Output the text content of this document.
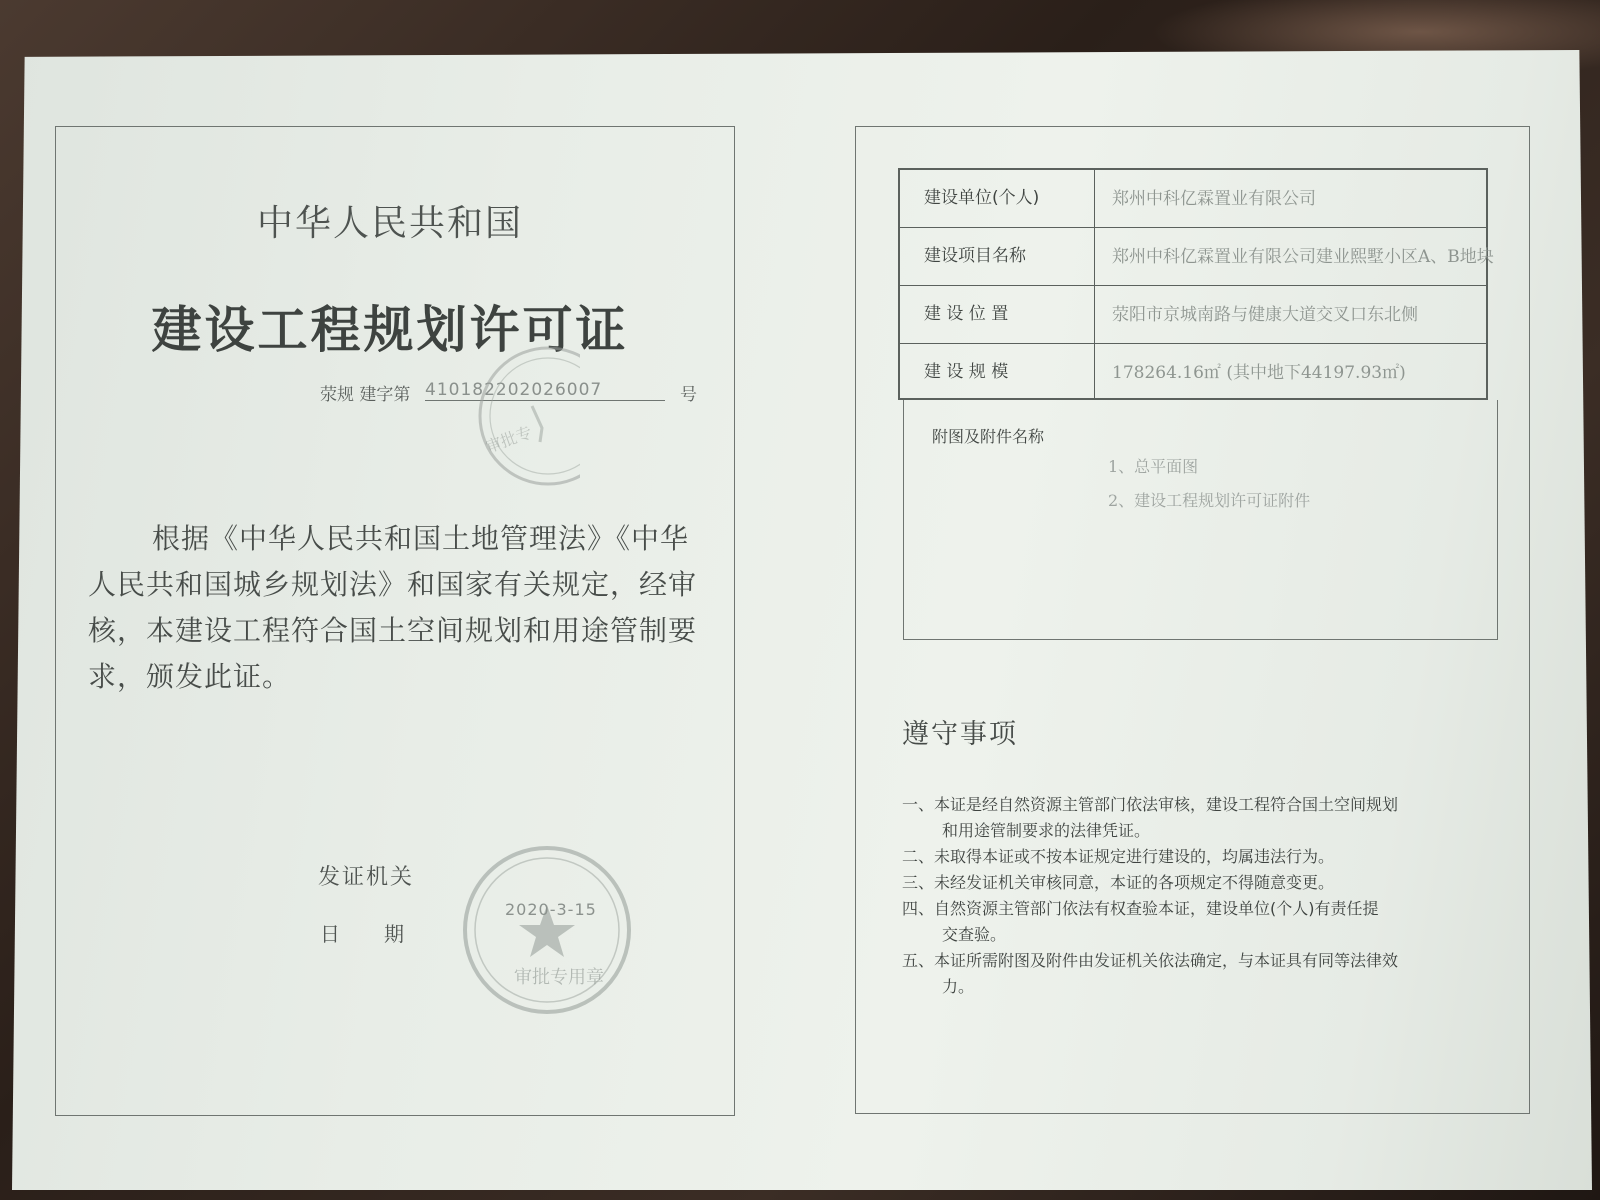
中华人民共和国
建设工程规划许可证
荥规 建字第 410182202026007	号
审批专
根据《中华人民共和国土地管理法》《中华人民共和国城乡规划法》和国家有关规定，经审核，本建设工程符合国土空间规划和用途管制要求，颁发此证。
发证机关
日期
审批专用章
2020-3-15
建设单位(个人)	郑州中科亿霖置业有限公司
建设项目名称	郑州中科亿霖置业有限公司建业熙墅小区A、B地块
建 设 位 置	荥阳市京城南路与健康大道交叉口东北侧
建 设 规 模	178264.16㎡ (其中地下44197.93㎡)
附图及附件名称
1、总平面图
2、建设工程规划许可证附件
遵守事项
一、本证是经自然资源主管部门依法审核，建设工程符合国土空间规划
和用途管制要求的法律凭证。
二、未取得本证或不按本证规定进行建设的，均属违法行为。
三、未经发证机关审核同意，本证的各项规定不得随意变更。
四、自然资源主管部门依法有权查验本证，建设单位(个人)有责任提
交查验。
五、本证所需附图及附件由发证机关依法确定，与本证具有同等法律效
力。
